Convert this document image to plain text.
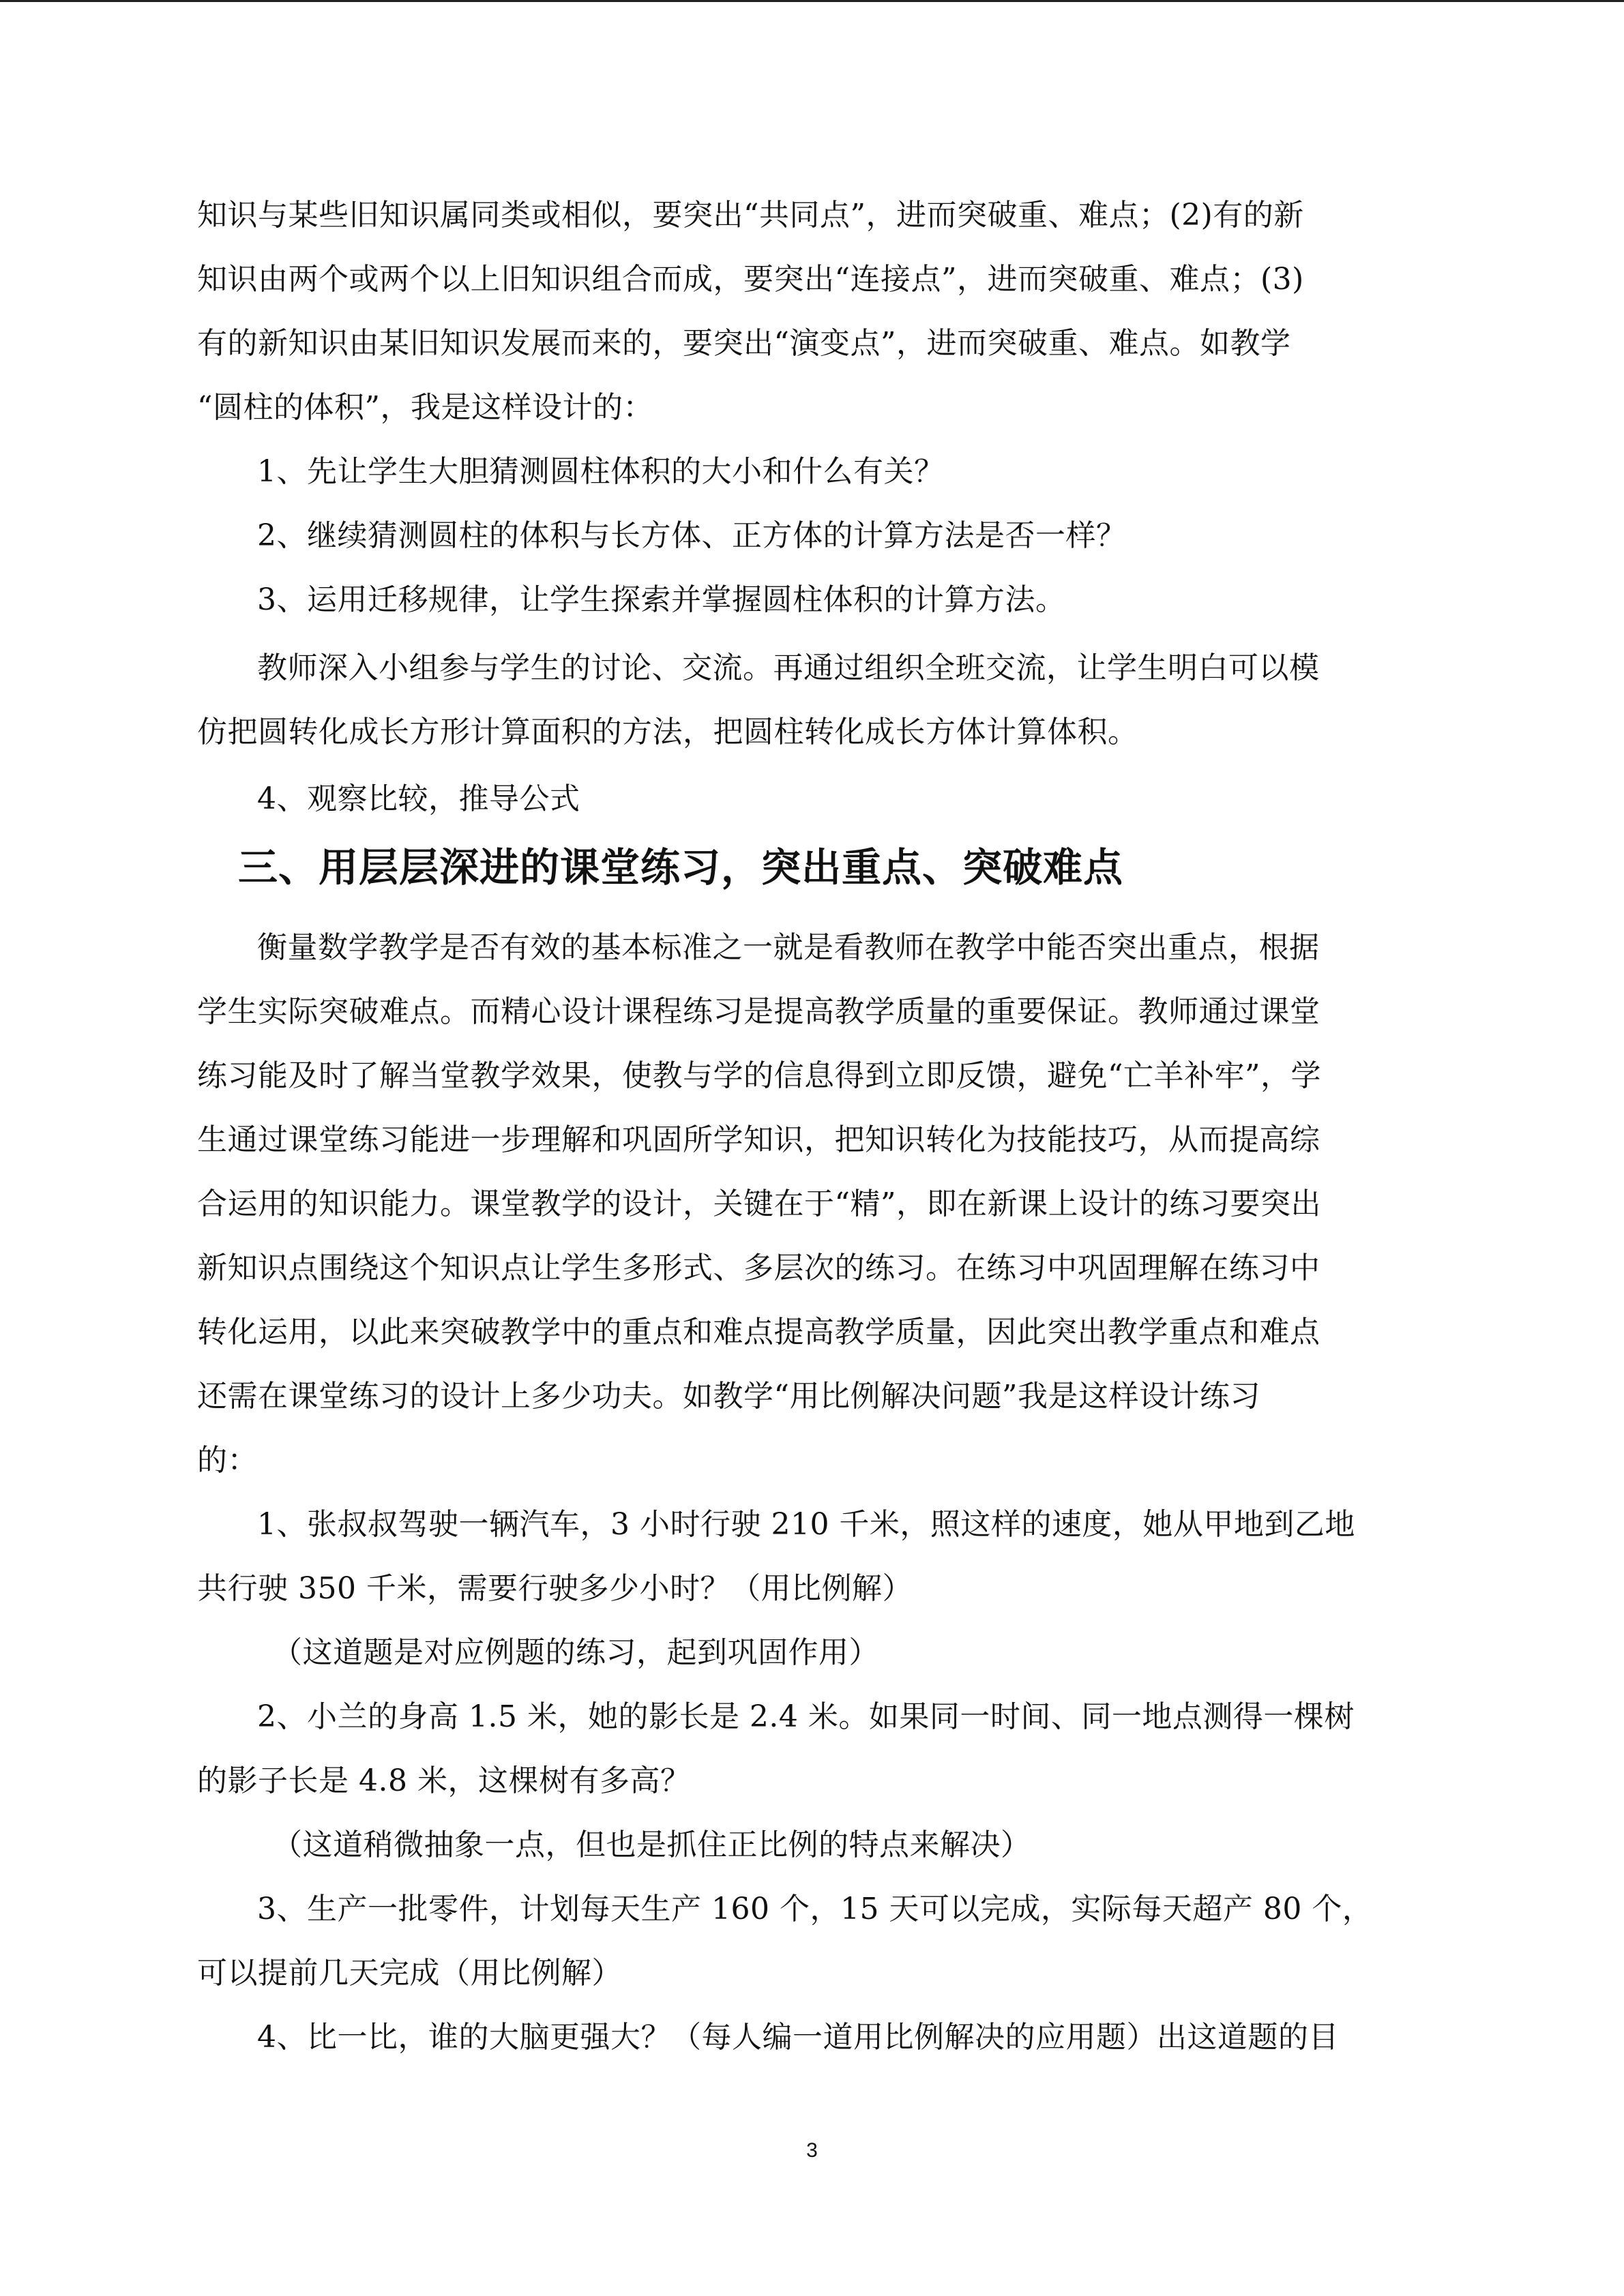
知识与某些旧知识属同类或相似，要突出“共同点”，进而突破重、难点；(2)有的新
知识由两个或两个以上旧知识组合而成，要突出“连接点”，进而突破重、难点；(3)
有的新知识由某旧知识发展而来的，要突出“演变点”，进而突破重、难点。如教学
“圆柱的体积”，我是这样设计的：
1、先让学生大胆猜测圆柱体积的大小和什么有关？
2、继续猜测圆柱的体积与长方体、正方体的计算方法是否一样？
3、运用迁移规律，让学生探索并掌握圆柱体积的计算方法。
教师深入小组参与学生的讨论、交流。再通过组织全班交流，让学生明白可以模
仿把圆转化成长方形计算面积的方法，把圆柱转化成长方体计算体积。
4、观察比较，推导公式
三、用层层深进的课堂练习，突出重点、突破难点
衡量数学教学是否有效的基本标准之一就是看教师在教学中能否突出重点，根据
学生实际突破难点。而精心设计课程练习是提高教学质量的重要保证。教师通过课堂
练习能及时了解当堂教学效果，使教与学的信息得到立即反馈，避免“亡羊补牢”，学
生通过课堂练习能进一步理解和巩固所学知识，把知识转化为技能技巧，从而提高综
合运用的知识能力。课堂教学的设计，关键在于“精”，即在新课上设计的练习要突出
新知识点围绕这个知识点让学生多形式、多层次的练习。在练习中巩固理解在练习中
转化运用，以此来突破教学中的重点和难点提高教学质量，因此突出教学重点和难点
还需在课堂练习的设计上多少功夫。如教学“用比例解决问题”我是这样设计练习
的：
1、张叔叔驾驶一辆汽车，3 小时行驶 210 千米，照这样的速度，她从甲地到乙地
共行驶 350 千米，需要行驶多少小时？（用比例解）
（这道题是对应例题的练习，起到巩固作用）
2、小兰的身高 1.5 米，她的影长是 2.4 米。如果同一时间、同一地点测得一棵树
的影子长是 4.8 米，这棵树有多高？
（这道稍微抽象一点，但也是抓住正比例的特点来解决）
3、生产一批零件，计划每天生产 160 个，15 天可以完成，实际每天超产 80 个，
可以提前几天完成（用比例解）
4、比一比，谁的大脑更强大？（每人编一道用比例解决的应用题）出这道题的目
3
